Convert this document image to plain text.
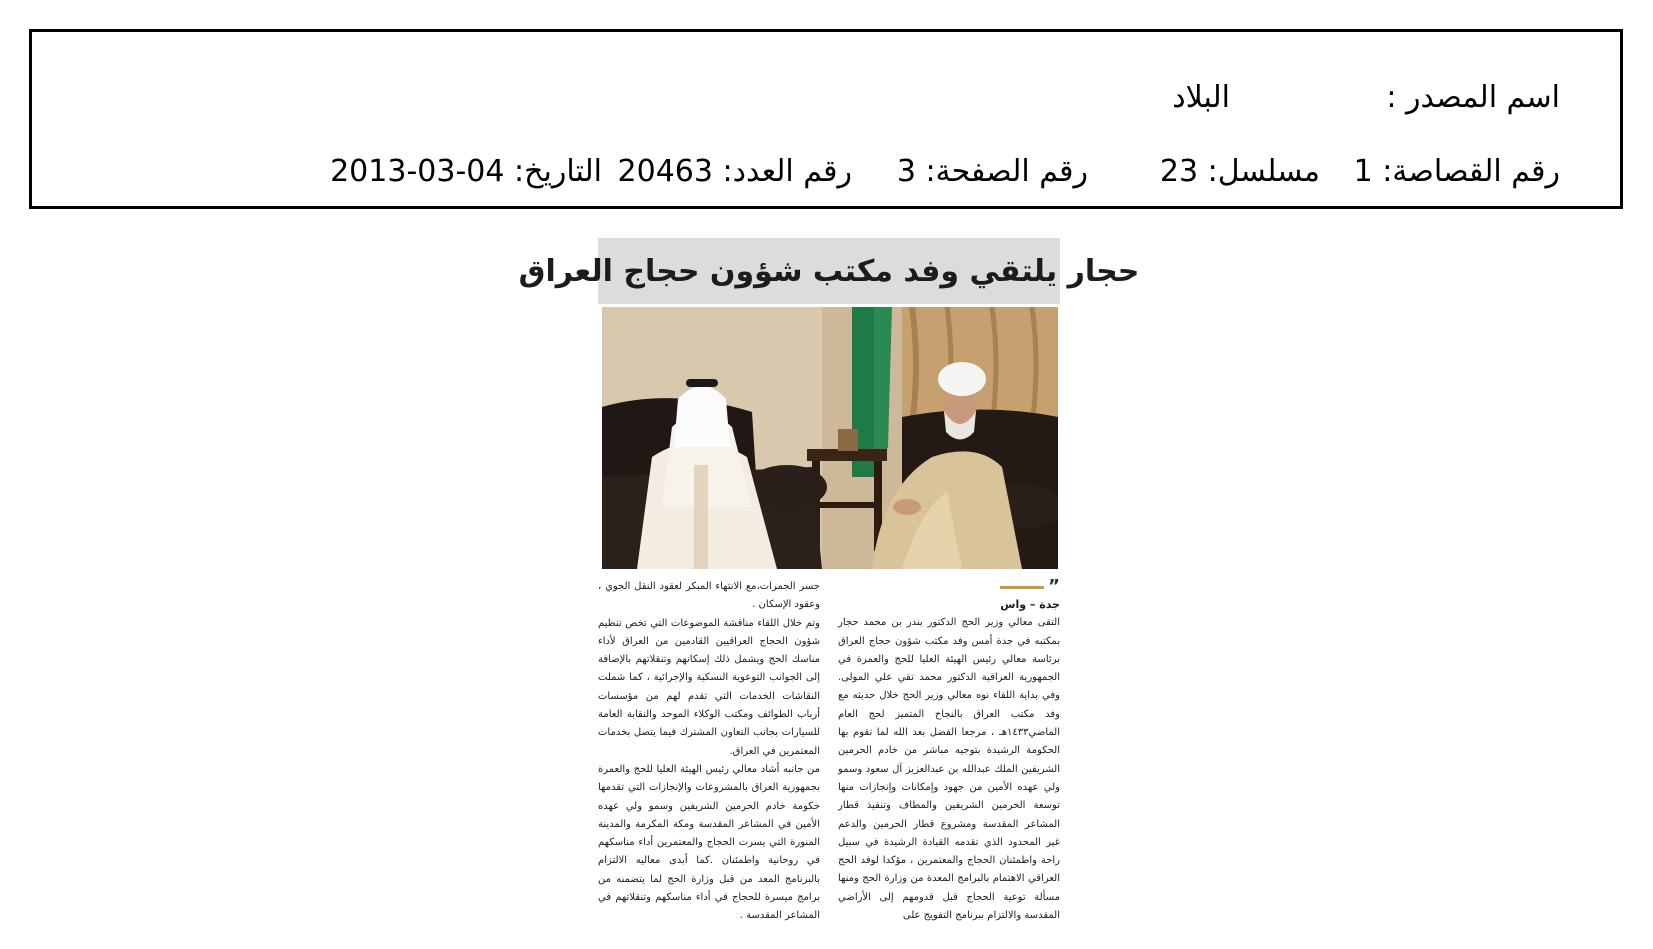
اسم المصدر :
البلاد
التاريخ: 04-03-2013 رقم العدد: 20463	رقم الصفحة: 3	مسلسل: 23	رقم القصاصة: 1
حجار يلتقي وفد مكتب شؤون حجاج العراق
”
جدة – واس

التقى معالي وزير الحج الدكتور بندر بن محمد حجار بمكتبه في جدة أمس وفد مكتب شؤون حجاج العراق برئاسة معالي رئيس الهيئة العليا للحج والعمرة في الجمهورية العراقية الدكتور محمد تقي علي المولى. وفي بداية اللقاء نوه معالي وزير الحج خلال حديثه مع وفد مكتب العراق بالنجاح المتميز لحج العام الماضي١٤٣٣هـ ، مرجعا الفضل بعد الله لما تقوم بها الحكومة الرشيدة بتوجيه مباشر من خادم الحرمين الشريفين الملك عبدالله بن عبدالعزيز آل سعود وسمو ولي عهده الأمين من جهود وإمكانات وإنجازات منها توسعة الحرمين الشريفين والمطاف وتنفيذ قطار المشاعر المقدسة ومشروع قطار الحرمين والدعم غير المحدود الذي تقدمه القيادة الرشيدة في سبيل راحة واطمئنان الحجاج والمعتمرين ، مؤكدا لوفد الحج العراقي الاهتمام بالبرامج المعدة من وزارة الحج ومنها مسألة توعية الحجاج قبل قدومهم إلى الأراضي المقدسة والالتزام ببرنامج التفويج على

جسر الجمرات،مع الانتهاء المبكر لعقود النقل الجوي ، وعقود الإسكان .

وتم خلال اللقاء مناقشة الموضوعات التي تخص تنظيم شؤون الحجاج العراقيين القادمين من العراق لأداء مناسك الحج ويشمل ذلك إسكانهم وتنقلاتهم بالإضافة إلى الجوانب التوعوية النسكية والإجرائية ، كما شملت النقاشات الخدمات التي تقدم لهم من مؤسسات أرباب الطوائف ومكتب الوكلاء الموحد والنقابة العامة للسيارات بجانب التعاون المشترك فيما يتصل بخدمات المعتمرين في العراق.

من جانبه أشاد معالي رئيس الهيئة العليا للحج والعمرة بجمهورية العراق بالمشروعات والإنجازات التي تقدمها حكومة خادم الحرمين الشريفين وسمو ولي عهده الأمين في المشاعر المقدسة ومكة المكرمة والمدينة المنورة التي يسرت الحجاج والمعتمرين أداء مناسكهم في روحانية واطمئنان .كما أبدى معاليه الالتزام بالبرنامج المعد من قبل وزارة الحج لما يتضمنه من برامج ميسرة للحجاج في أداء مناسكهم وتنقلاتهم في المشاعر المقدسة .
